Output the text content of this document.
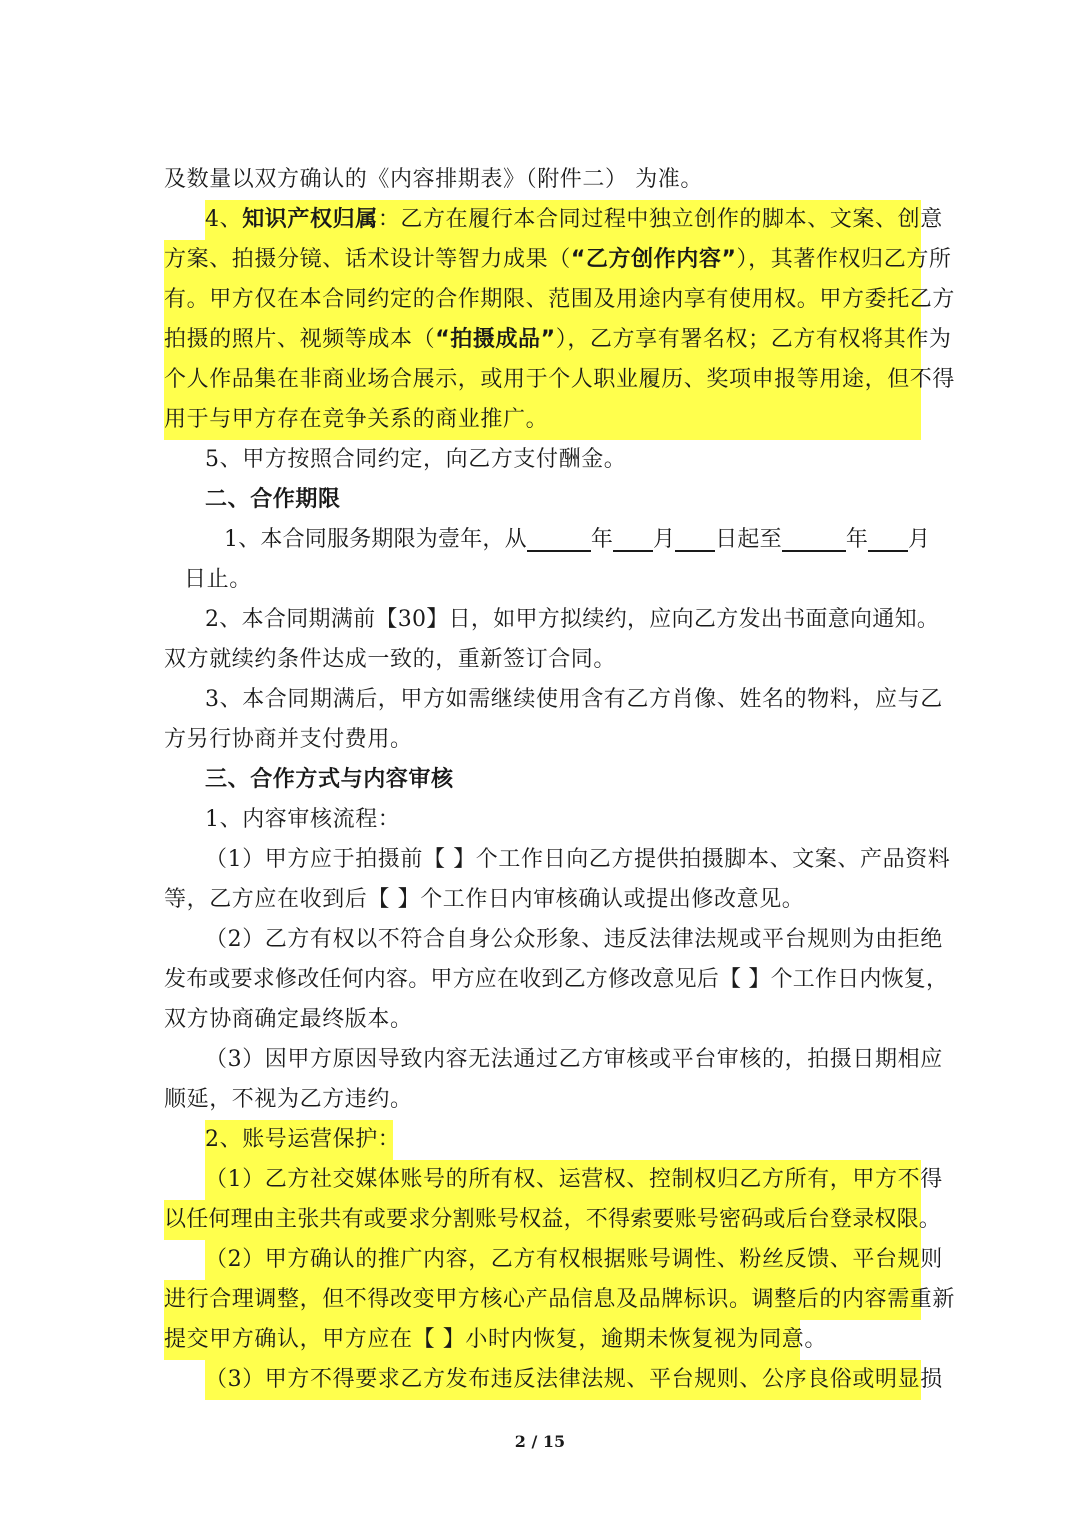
及数量以双方确认的《内容排期表》（附件二） 为准。
4、知识产权归属：乙方在履行本合同过程中独立创作的脚本、文案、创意
方案、拍摄分镜、话术设计等智力成果（“乙方创作内容”），其著作权归乙方所
有。甲方仅在本合同约定的合作期限、范围及用途内享有使用权。甲方委托乙方
拍摄的照片、视频等成本（“拍摄成品”），乙方享有署名权；乙方有权将其作为
个人作品集在非商业场合展示，或用于个人职业履历、奖项申报等用途，但不得
用于与甲方存在竞争关系的商业推广。
5、甲方按照合同约定，向乙方支付酬金。
二、合作期限
1、本合同服务期限为壹年，从	年 月 日起至	年 月
日止。
2、本合同期满前【30】日，如甲方拟续约，应向乙方发出书面意向通知。
双方就续约条件达成一致的，重新签订合同。
3、本合同期满后，甲方如需继续使用含有乙方肖像、姓名的物料，应与乙
方另行协商并支付费用。
三、合作方式与内容审核
1、内容审核流程：
（1）甲方应于拍摄前【 】个工作日向乙方提供拍摄脚本、文案、产品资料
等，乙方应在收到后【 】个工作日内审核确认或提出修改意见。
（2）乙方有权以不符合自身公众形象、违反法律法规或平台规则为由拒绝
发布或要求修改任何内容。甲方应在收到乙方修改意见后【 】个工作日内恢复，
双方协商确定最终版本。
（3）因甲方原因导致内容无法通过乙方审核或平台审核的，拍摄日期相应
顺延，不视为乙方违约。
2、账号运营保护：
（1）乙方社交媒体账号的所有权、运营权、控制权归乙方所有，甲方不得
以任何理由主张共有或要求分割账号权益，不得索要账号密码或后台登录权限。
（2）甲方确认的推广内容，乙方有权根据账号调性、粉丝反馈、平台规则
进行合理调整，但不得改变甲方核心产品信息及品牌标识。调整后的内容需重新
提交甲方确认，甲方应在【 】小时内恢复，逾期未恢复视为同意。
（3）甲方不得要求乙方发布违反法律法规、平台规则、公序良俗或明显损
2 / 15
